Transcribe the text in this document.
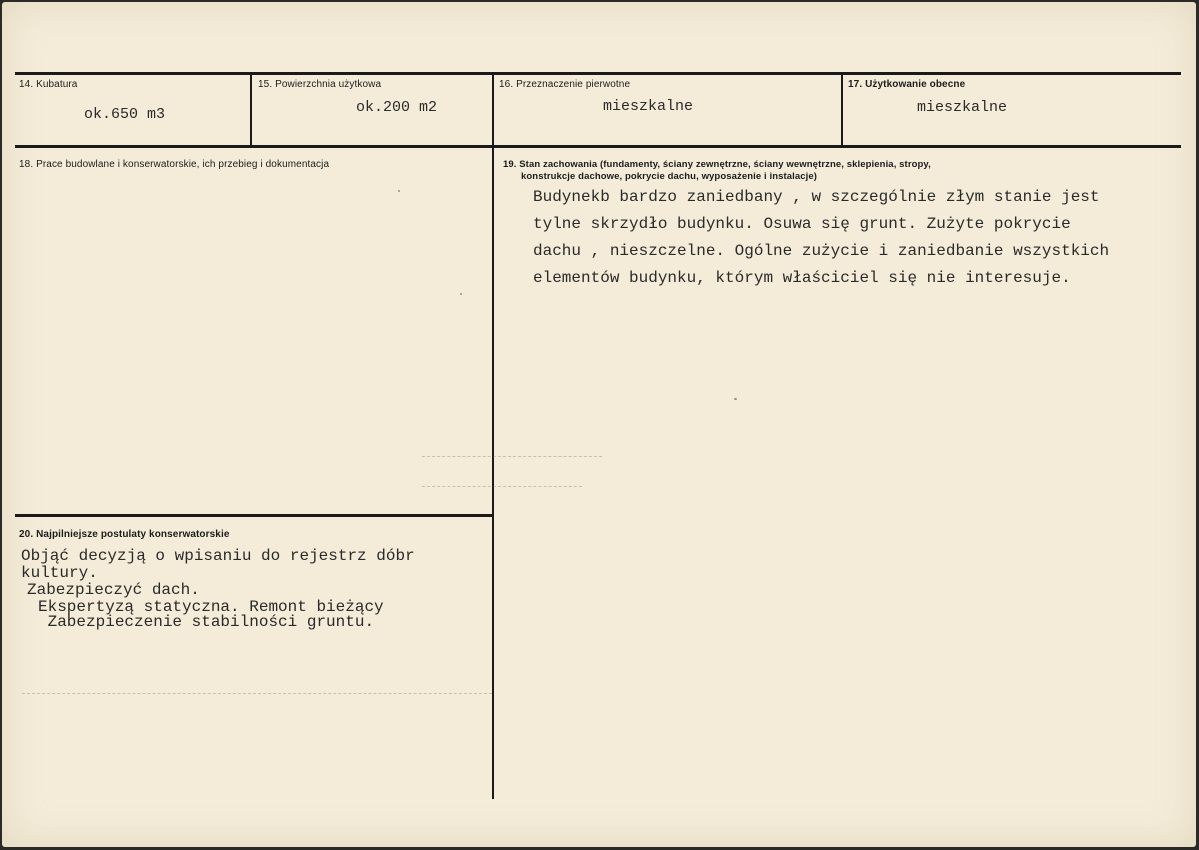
14. Kubatura
ok.650 m3
15. Powierzchnia użytkowa
ok.200 m2
16. Przeznaczenie pierwotne
mieszkalne
17. Użytkowanie obecne
mieszkalne
18. Prace budowlane i konserwatorskie, ich przebieg i dokumentacja	19. Stan zachowania (fundamenty, ściany zewnętrzne, ściany wewnętrzne, sklepienia, stropy,
konstrukcje dachowe, pokrycie dachu, wyposażenie i instalacje)
Budynekb bardzo zaniedbany , w szczególnie złym stanie jest
tylne skrzydło budynku. Osuwa się grunt. Zużyte pokrycie
dachu , nieszczelne. Ogólne zużycie i zaniedbanie wszystkich
elementów budynku, którym właściciel się nie interesuje.
20. Najpilniejsze postulaty konserwatorskie
Objąć decyzją o wpisaniu do rejestrz dóbr
kultury.
Zabezpieczyć dach.
Ekspertyzą statyczna. Remont bieżący
Zabezpieczenie stabilności gruntu.
